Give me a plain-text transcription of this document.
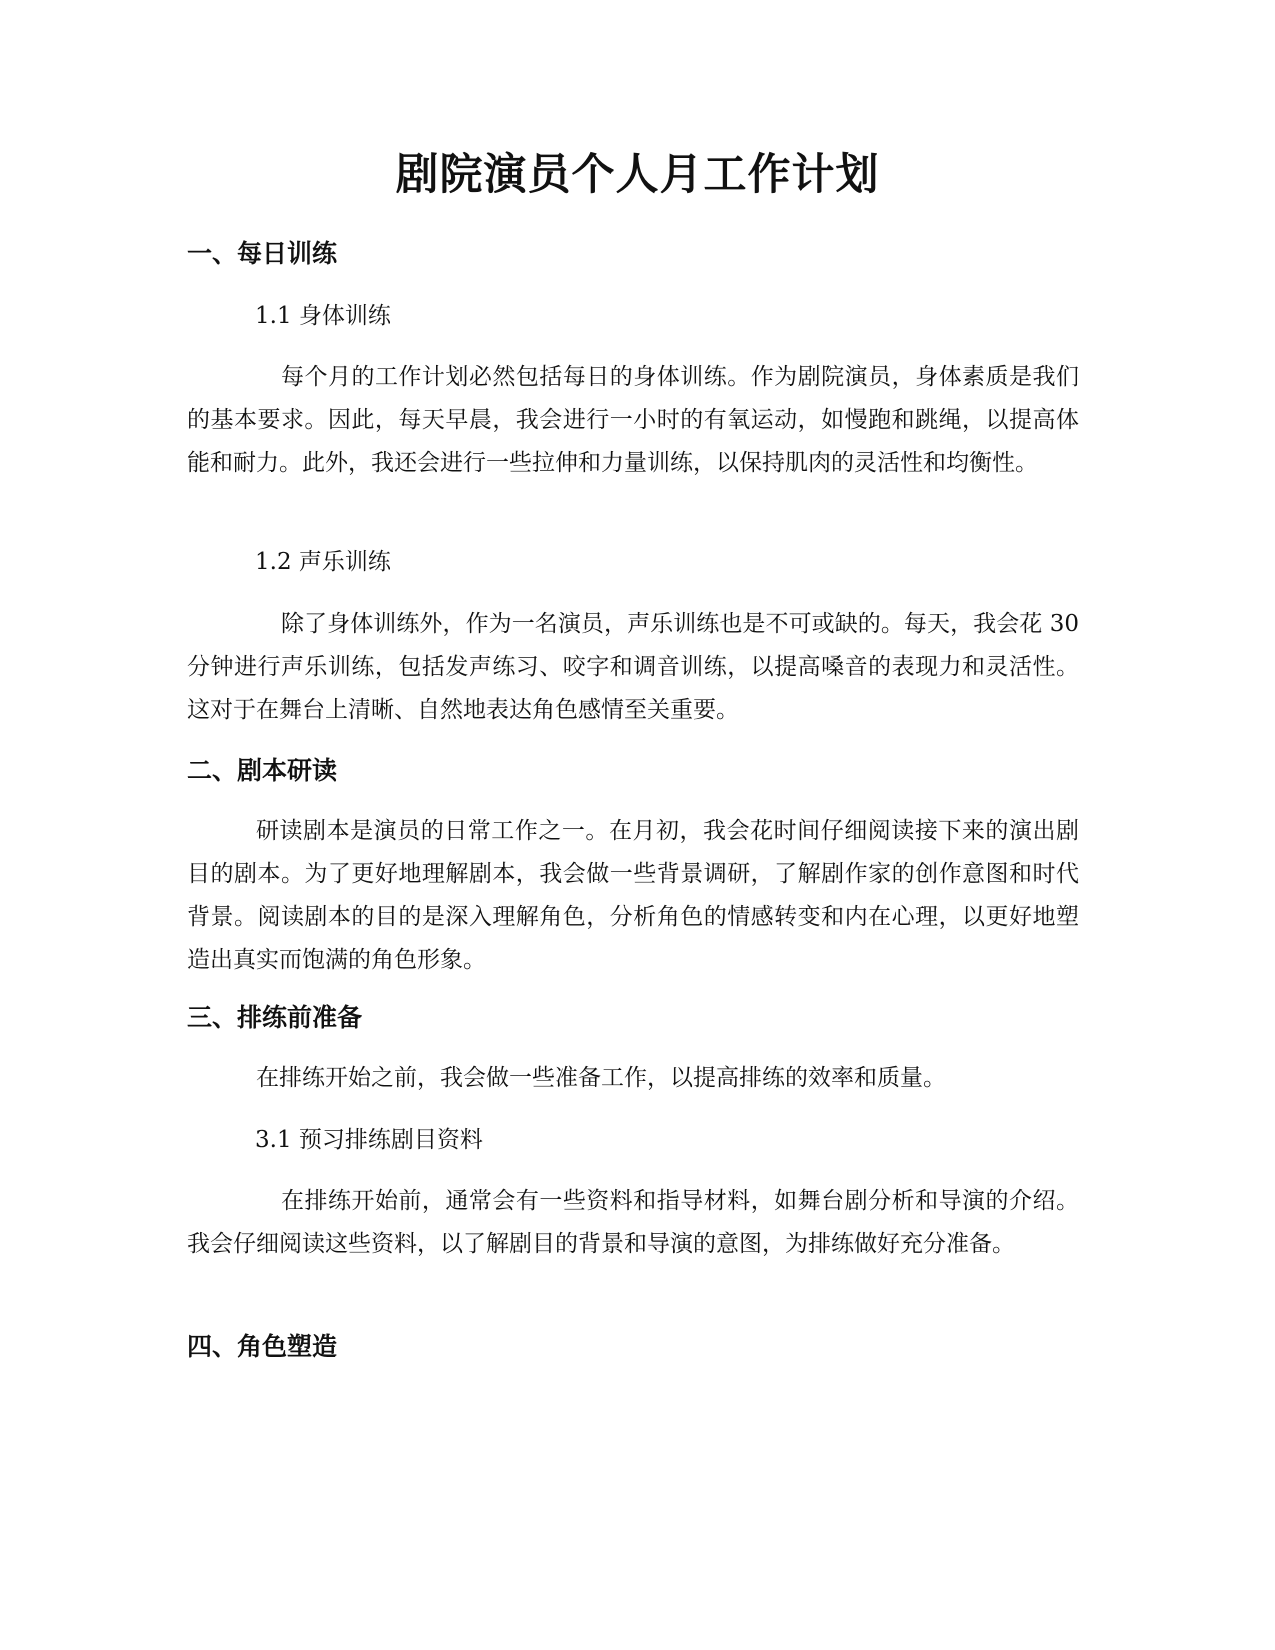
剧院演员个人月工作计划
一、每日训练
1.1 身体训练

每个月的工作计划必然包括每日的身体训练。作为剧院演员，身体素质是我们的基本要求。因此，每天早晨，我会进行一小时的有氧运动，如慢跑和跳绳，以提高体能和耐力。此外，我还会进行一些拉伸和力量训练，以保持肌肉的灵活性和均衡性。

1.2 声乐训练

除了身体训练外，作为一名演员，声乐训练也是不可或缺的。每天，我会花 30 分钟进行声乐训练，包括发声练习、咬字和调音训练，以提高嗓音的表现力和灵活性。这对于在舞台上清晰、自然地表达角色感情至关重要。

二、剧本研读

研读剧本是演员的日常工作之一。在月初，我会花时间仔细阅读接下来的演出剧目的剧本。为了更好地理解剧本，我会做一些背景调研，了解剧作家的创作意图和时代背景。阅读剧本的目的是深入理解角色，分析角色的情感转变和内在心理，以更好地塑造出真实而饱满的角色形象。

三、排练前准备

在排练开始之前，我会做一些准备工作，以提高排练的效率和质量。

3.1 预习排练剧目资料

在排练开始前，通常会有一些资料和指导材料，如舞台剧分析和导演的介绍。我会仔细阅读这些资料，以了解剧目的背景和导演的意图，为排练做好充分准备。

四、角色塑造
